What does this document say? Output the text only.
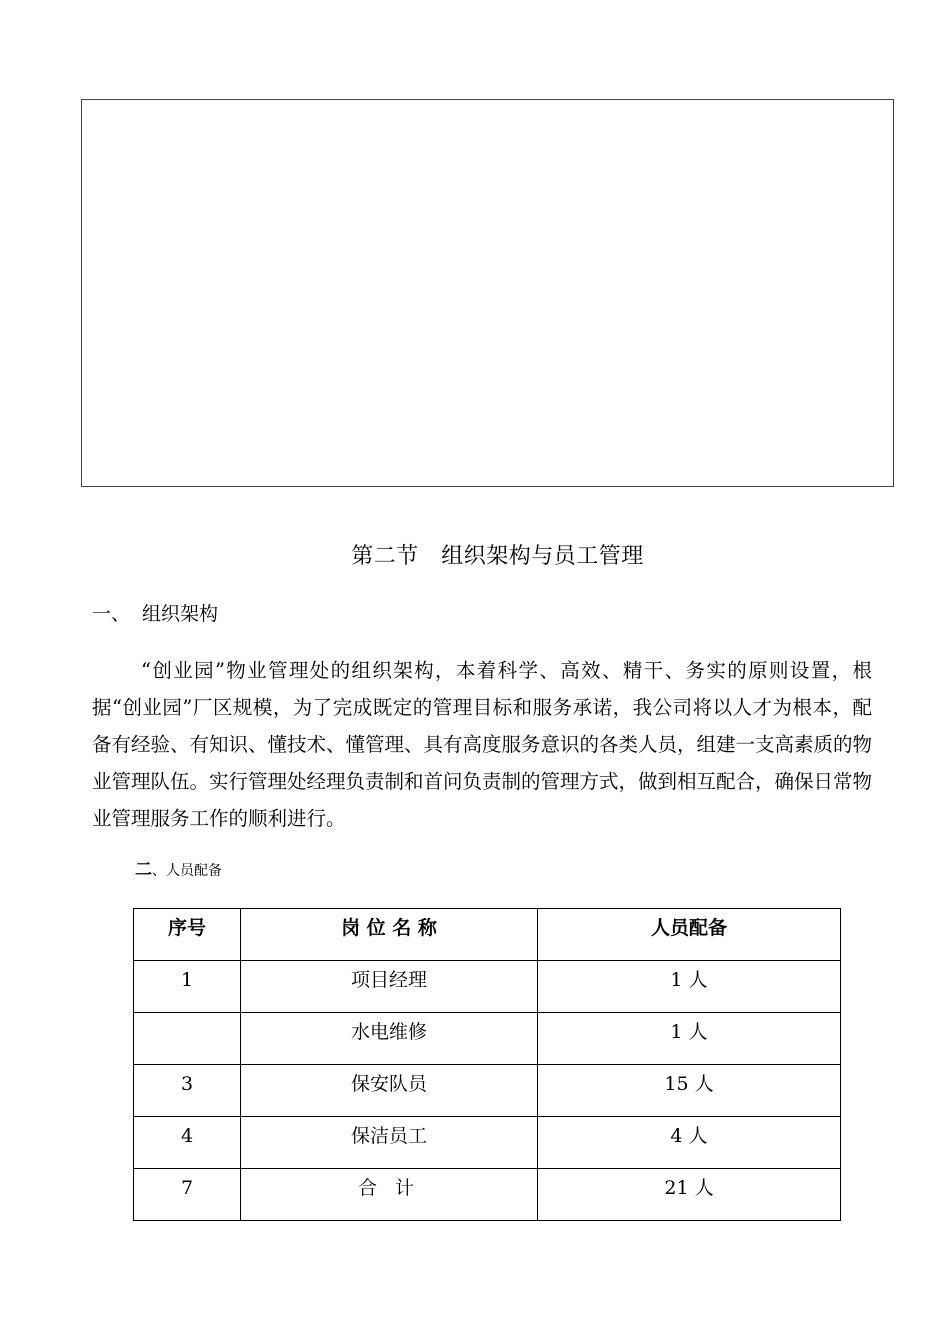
第二节　组织架构与员工管理
一、 组织架构

“创业园”物业管理处的组织架构，本着科学、高效、精干、务实的原则设置，根据“创业园”厂区规模，为了完成既定的管理目标和服务承诺，我公司将以人才为根本，配备有经验、有知识、懂技术、懂管理、具有高度服务意识的各类人员，组建一支高素质的物业管理队伍。实行管理处经理负责制和首问负责制的管理方式，做到相互配合，确保日常物业管理服务工作的顺利进行。

二、人员配备
序号	岗 位 名 称	人员配备
1	项目经理	1 人
	水电维修	1 人
3	保安队员	15 人
4	保洁员工	4 人
7	合 计	21 人
